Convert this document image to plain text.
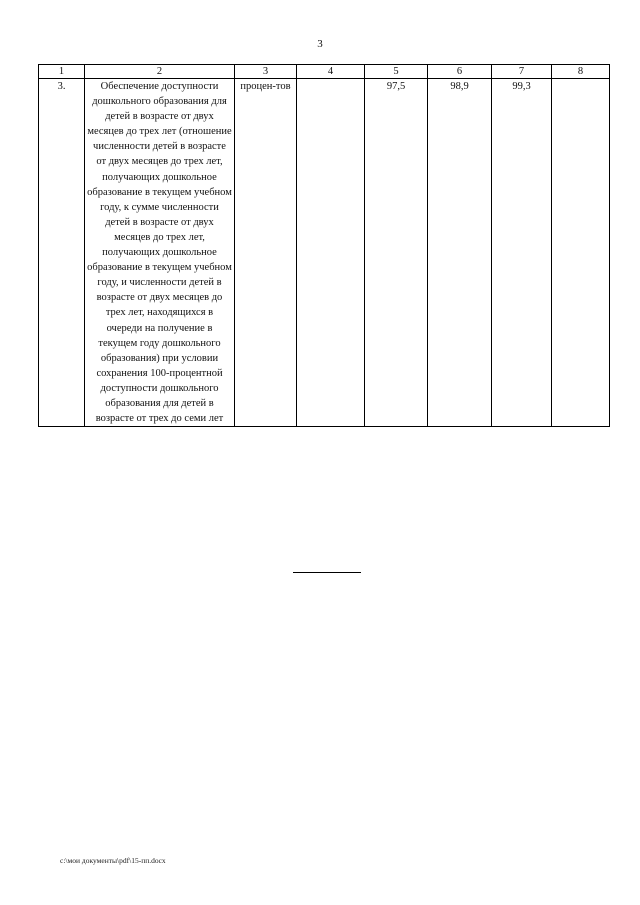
3
1	2	3	4	5	6	7	8
3.	Обеспечение доступности дошкольного образования для детей в возрасте от двух месяцев до трех лет (отношение численности детей в возрасте от двух месяцев до трех лет, получающих дошкольное образование в текущем учебном году, к сумме численности детей в возрасте от двух месяцев до трех лет, получающих дошкольное образование в текущем учебном году, и численности детей в возрасте от двух месяцев до трех лет, находящихся в очереди на получение в текущем году дошкольного образования) при условии сохранения 100-процентной доступности дошкольного образования для детей в возрасте от трех до семи лет	процен-тов		97,5	98,9	99,3	
c:\мои документы\pdf\15-пп.docx
